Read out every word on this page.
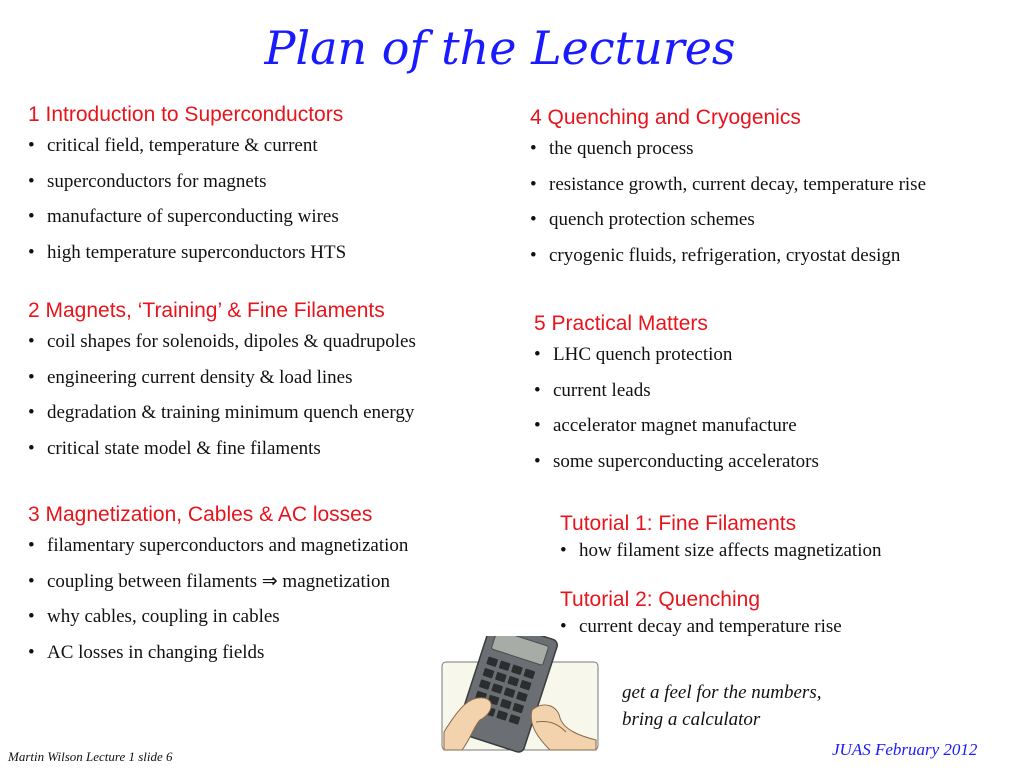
Plan of the Lectures
1 Introduction to Superconductors
• critical field, temperature & current
• superconductors for magnets
• manufacture of superconducting wires
• high temperature superconductors HTS
2 Magnets, ‘Training’ & Fine Filaments
• coil shapes for solenoids, dipoles & quadrupoles
• engineering current density & load lines
• degradation & training minimum quench energy
• critical state model & fine filaments
3 Magnetization, Cables & AC losses
• filamentary superconductors and magnetization
• coupling between filaments ⇒ magnetization
• why cables, coupling in cables
• AC losses in changing fields
4 Quenching and Cryogenics
• the quench process
• resistance growth, current decay, temperature rise
• quench protection schemes
• cryogenic fluids, refrigeration, cryostat design
5 Practical Matters
• LHC quench protection
• current leads
• accelerator magnet manufacture
• some superconducting accelerators
Tutorial 1: Fine Filaments
• how filament size affects magnetization
Tutorial 2: Quenching
• current decay and temperature rise
get a feel for the numbers,
bring a calculator
Martin Wilson Lecture 1 slide 6	JUAS February 2012
